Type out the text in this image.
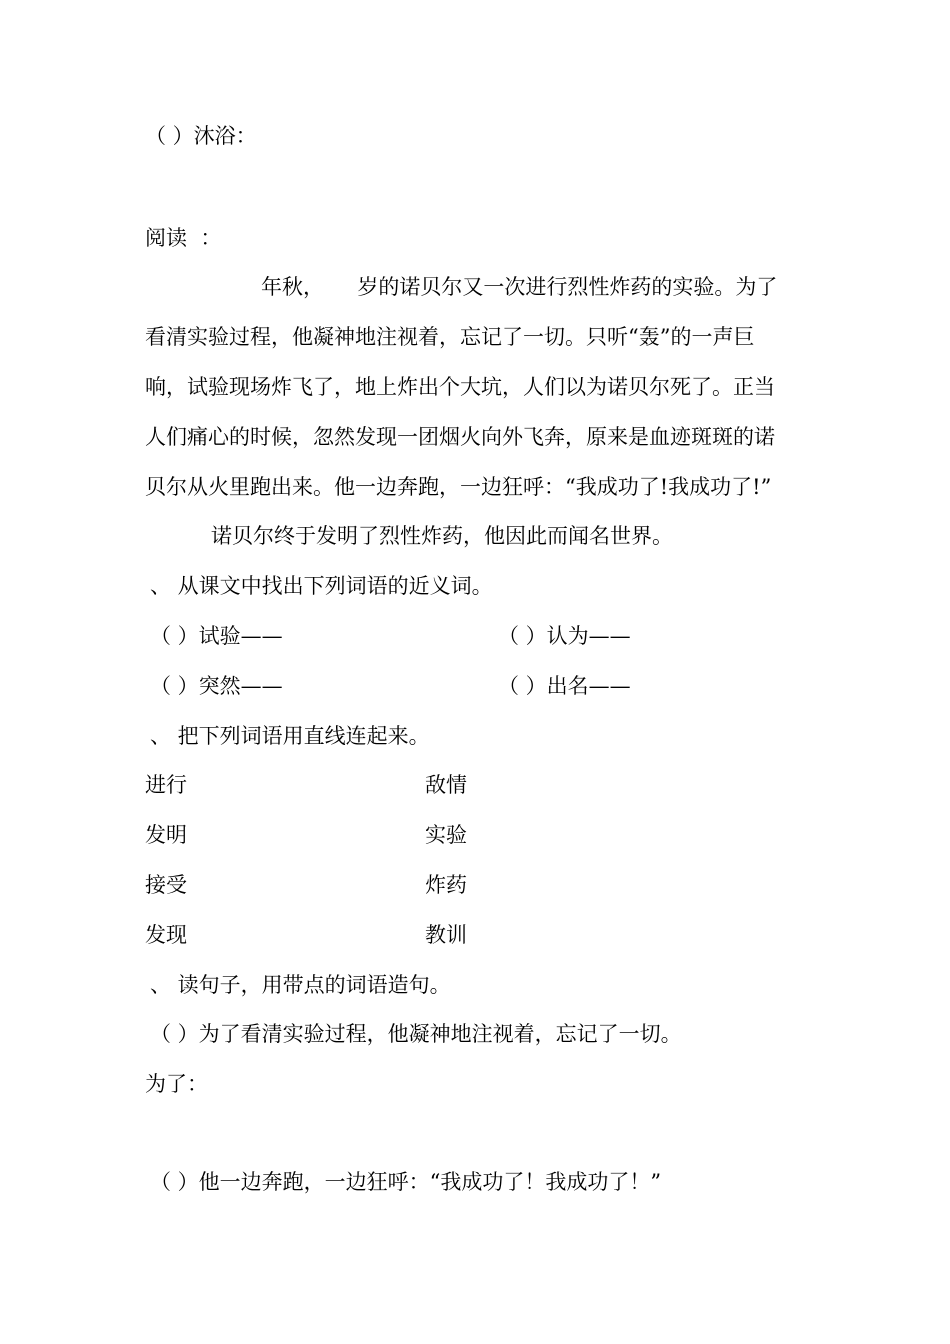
（ ）沐浴：
阅读  ：
年秋，     岁的诺贝尔又一次进行烈性炸药的实验。为了
看清实验过程，他凝神地注视着，忘记了一切。只听“轰”的一声巨
响，试验现场炸飞了，地上炸出个大坑，人们以为诺贝尔死了。正当
人们痛心的时候，忽然发现一团烟火向外飞奔，原来是血迹斑斑的诺
贝尔从火里跑出来。他一边奔跑，一边狂呼：“我成功了!我成功了!”
诺贝尔终于发明了烈性炸药，他因此而闻名世界。
、 从课文中找出下列词语的近义词。
（ ）试验——	（ ）认为——
（ ）突然——	（ ）出名——
、 把下列词语用直线连起来。
进行	敌情
发明	实验
接受	炸药
发现	教训
、 读句子，用带点的词语造句。
（ ）为了看清实验过程，他凝神地注视着，忘记了一切。
为了：
（ ）他一边奔跑，一边狂呼：“我成功了！我成功了！”
